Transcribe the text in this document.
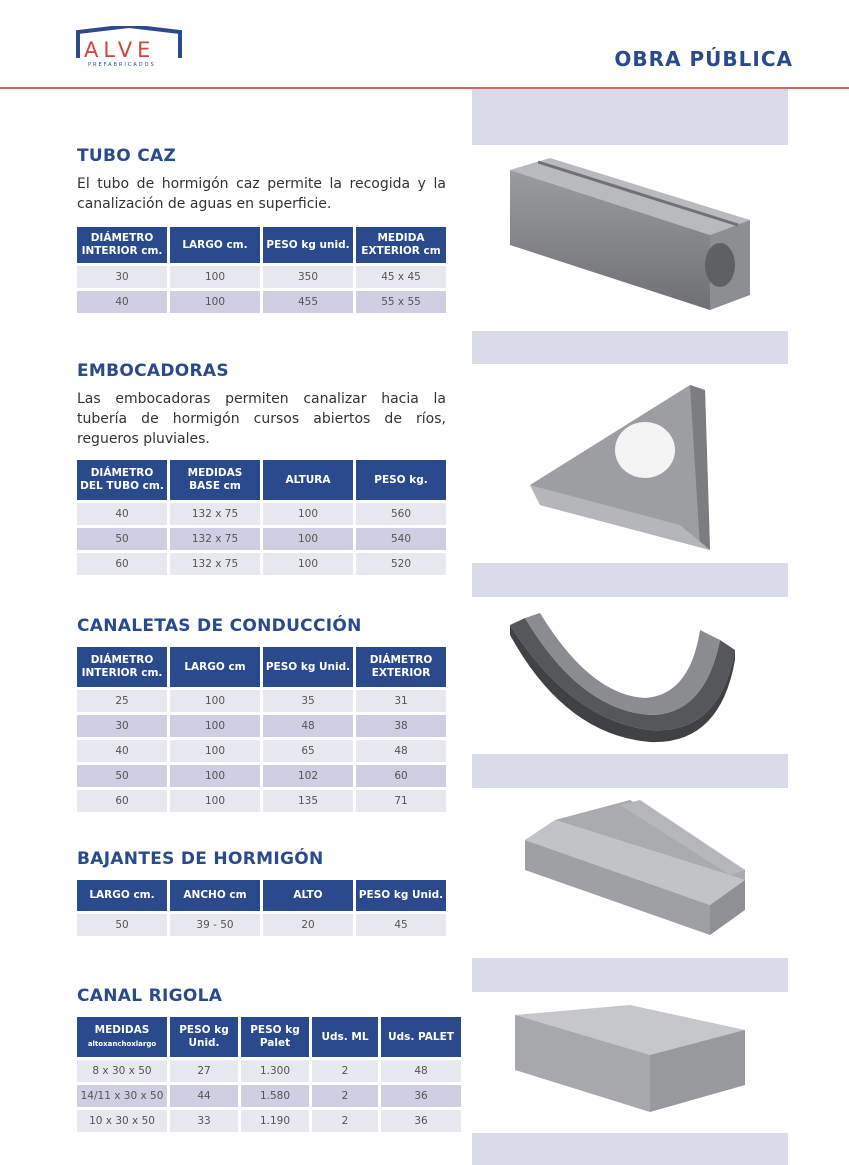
ALVE
PREFABRICADOS	OBRA PÚBLICA
TUBO CAZ

El tubo de hormigón caz permite la recogida y la canalización de aguas en superficie.

DIÁMETRO INTERIOR cm.	LARGO cm.	PESO kg unid.	MEDIDA EXTERIOR cm
30	100	350	45 x 45
40	100	455	55 x 55
EMBOCADORAS

Las embocadoras permiten canalizar hacia la tubería de hormigón cursos abiertos de ríos, regueros pluviales.

DIÁMETRO DEL TUBO cm.	MEDIDAS BASE cm	ALTURA	PESO kg.
40	132 x 75	100	560
50	132 x 75	100	540
60	132 x 75	100	520
CANALETAS DE CONDUCCIÓN
DIÁMETRO INTERIOR cm.	LARGO cm	PESO kg Unid.	DIÁMETRO EXTERIOR
25	100	35	31
30	100	48	38
40	100	65	48
50	100	102	60
60	100	135	71
BAJANTES DE HORMIGÓN
LARGO cm.	ANCHO cm	ALTO	PESO kg Unid.
50	39 - 50	20	45
CANAL RIGOLA
MEDIDAS
altoxanchoxlargo	PESO kg Unid.	PESO kg Palet	Uds. ML	Uds. PALET
8 x 30 x 50	27	1.300	2	48
14/11 x 30 x 50	44	1.580	2	36
10 x 30 x 50	33	1.190	2	36
